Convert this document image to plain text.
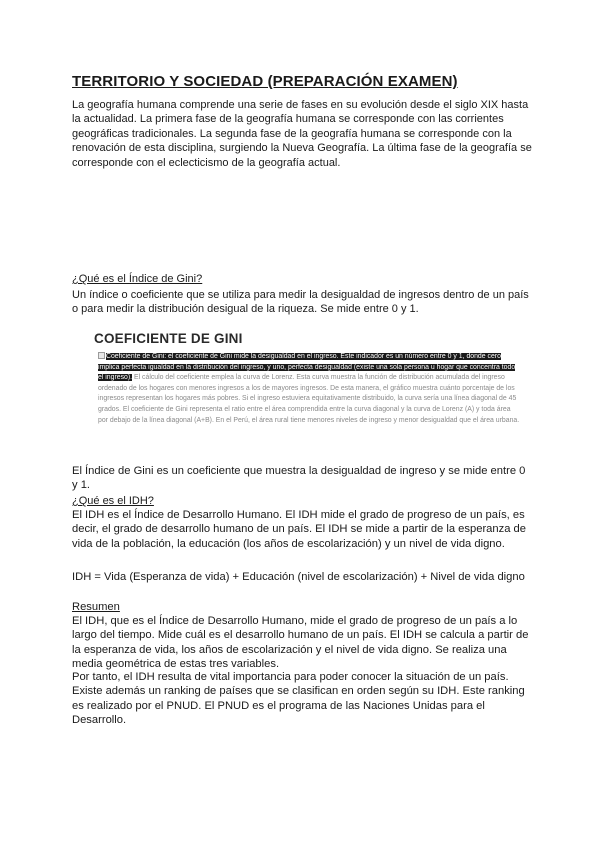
TERRITORIO Y SOCIEDAD (PREPARACIÓN EXAMEN)

La geografía humana comprende una serie de fases en su evolución desde el siglo XIX hasta la actualidad. La primera fase de la geografía humana se corresponde con las corrientes geográficas tradicionales. La segunda fase de la geografía humana se corresponde con la renovación de esta disciplina, surgiendo la Nueva Geografía. La última fase de la geografía se corresponde con el eclecticismo de la geografía actual.

¿Qué es el Índice de Gini?

Un índice o coeficiente que se utiliza para medir la desigualdad de ingresos dentro de un país o para medir la distribución desigual de la riqueza. Se mide entre 0 y 1.

COEFICIENTE DE GINI

Coeficiente de Gini: el coeficiente de Gini mide la desigualdad en el ingreso. Este indicador es un número entre 0 y 1, donde cero implica perfecta igualdad en la distribución del ingreso, y uno, perfecta desigualdad (existe una sola persona u hogar que concentra todo el ingreso). El cálculo del coeficiente emplea la curva de Lorenz. Esta curva muestra la función de distribución acumulada del ingreso ordenado de los hogares con menores ingresos a los de mayores ingresos. De esta manera, el gráfico muestra cuánto porcentaje de los ingresos representan los hogares más pobres. Si el ingreso estuviera equitativamente distribuido, la curva sería una línea diagonal de 45 grados. El coeficiente de Gini representa el ratio entre el área comprendida entre la curva diagonal y la curva de Lorenz (A) y toda área por debajo de la línea diagonal (A+B). En el Perú, el área rural tiene menores niveles de ingreso y menor desigualdad que el área urbana.

El Índice de Gini es un coeficiente que muestra la desigualdad de ingreso y se mide entre 0 y 1.

¿Qué es el IDH?

El IDH es el Índice de Desarrollo Humano. El IDH mide el grado de progreso de un país, es decir, el grado de desarrollo humano de un país. El IDH se mide a partir de la esperanza de vida de la población, la educación (los años de escolarización) y un nivel de vida digno.

IDH = Vida (Esperanza de vida) + Educación (nivel de escolarización) + Nivel de vida digno

Resumen

El IDH, que es el Índice de Desarrollo Humano, mide el grado de progreso de un país a lo largo del tiempo. Mide cuál es el desarrollo humano de un país. El IDH se calcula a partir de la esperanza de vida, los años de escolarización y el nivel de vida digno. Se realiza una media geométrica de estas tres variables.

Por tanto, el IDH resulta de vital importancia para poder conocer la situación de un país. Existe además un ranking de países que se clasifican en orden según su IDH. Este ranking es realizado por el PNUD. El PNUD es el programa de las Naciones Unidas para el Desarrollo.
